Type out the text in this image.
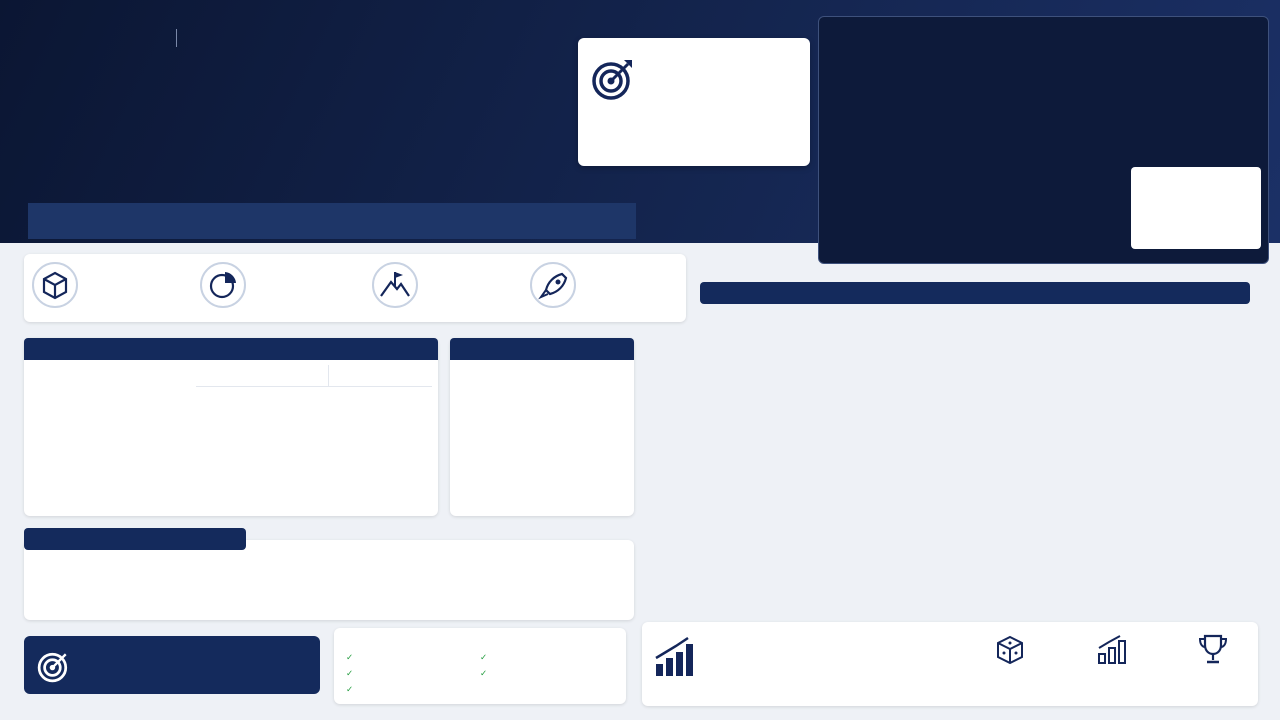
✓
✓
✓
✓
✓
